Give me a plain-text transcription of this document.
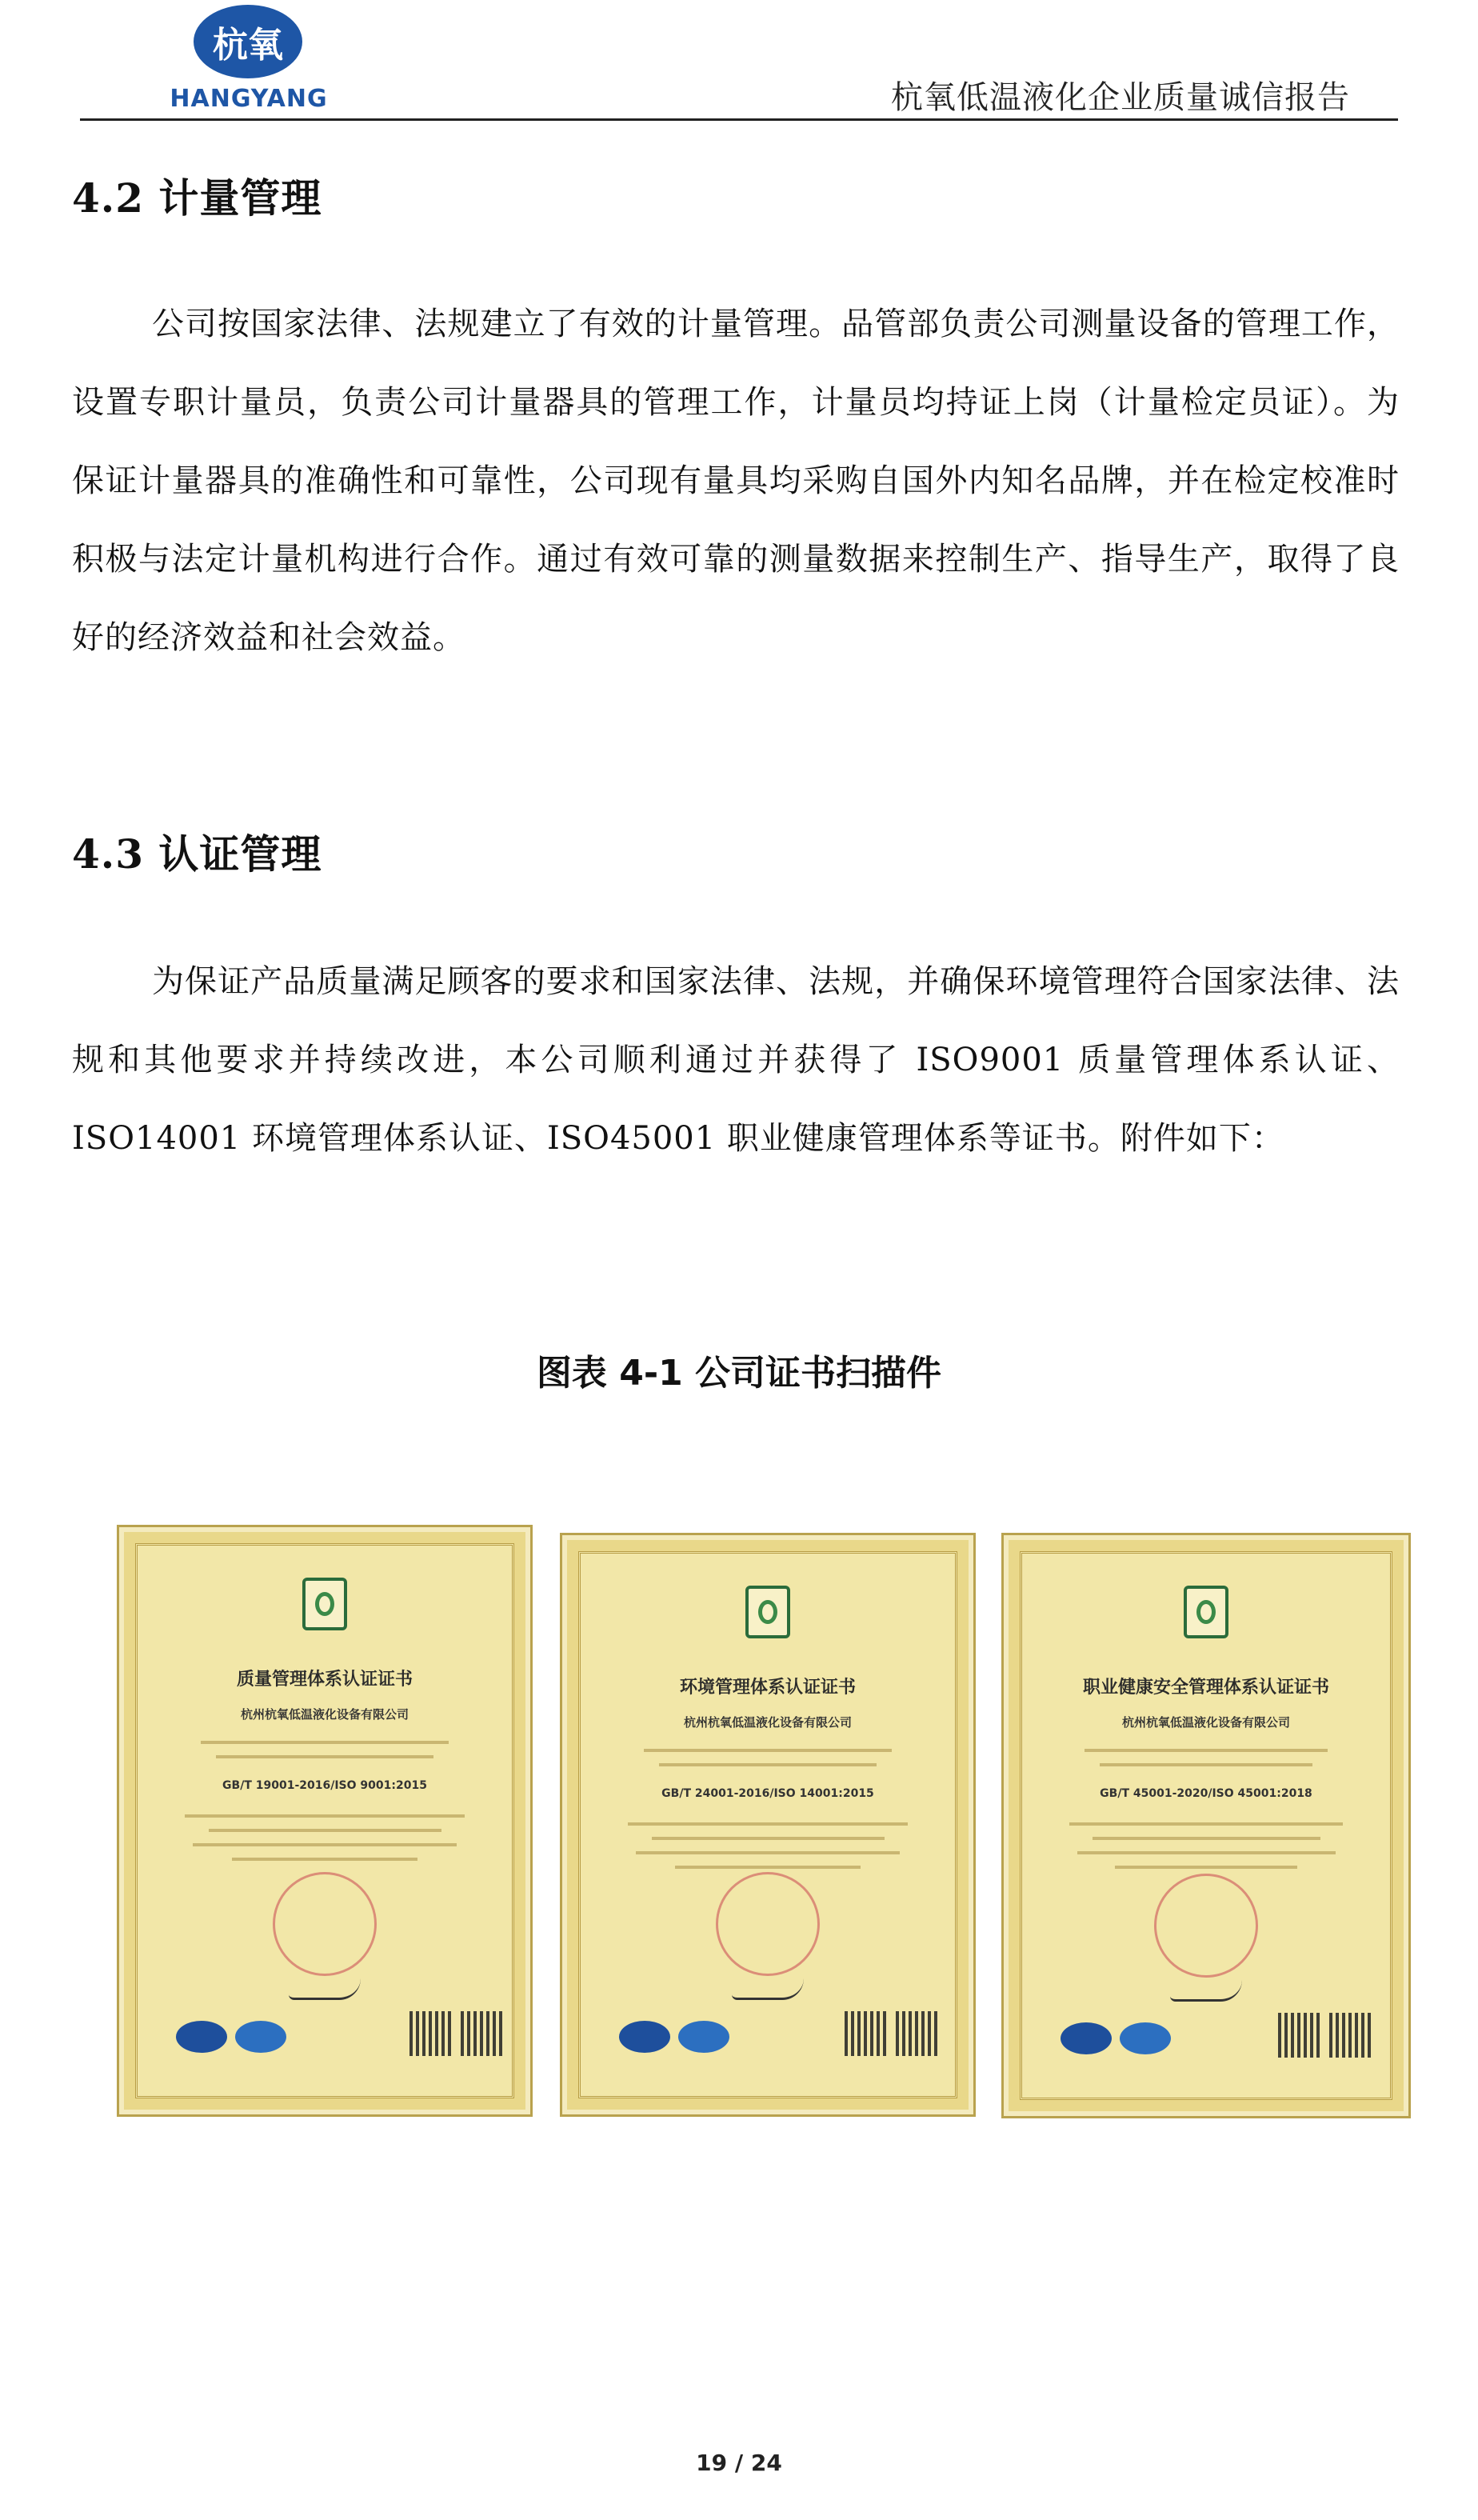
杭氧
HANGYANG	杭氧低温液化企业质量诚信报告
4.2 计量管理
公司按国家法律、法规建立了有效的计量管理。品管部负责公司测量设备的管理工作，设置专职计量员，负责公司计量器具的管理工作，计量员均持证上岗（计量检定员证）。为保证计量器具的准确性和可靠性，公司现有量具均采购自国外内知名品牌，并在检定校准时积极与法定计量机构进行合作。通过有效可靠的测量数据来控制生产、指导生产，取得了良好的经济效益和社会效益。
4.3 认证管理
为保证产品质量满足顾客的要求和国家法律、法规，并确保环境管理符合国家法律、法规和其他要求并持续改进，本公司顺利通过并获得了 ISO9001 质量管理体系认证、ISO14001 环境管理体系认证、ISO45001 职业健康管理体系等证书。附件如下：
图表 4-1 公司证书扫描件
质量管理体系认证证书
杭州杭氧低温液化设备有限公司
GB/T 19001-2016/ISO 9001:2015
环境管理体系认证证书
杭州杭氧低温液化设备有限公司
GB/T 24001-2016/ISO 14001:2015
职业健康安全管理体系认证证书
杭州杭氧低温液化设备有限公司
GB/T 45001-2020/ISO 45001:2018
19 / 24
